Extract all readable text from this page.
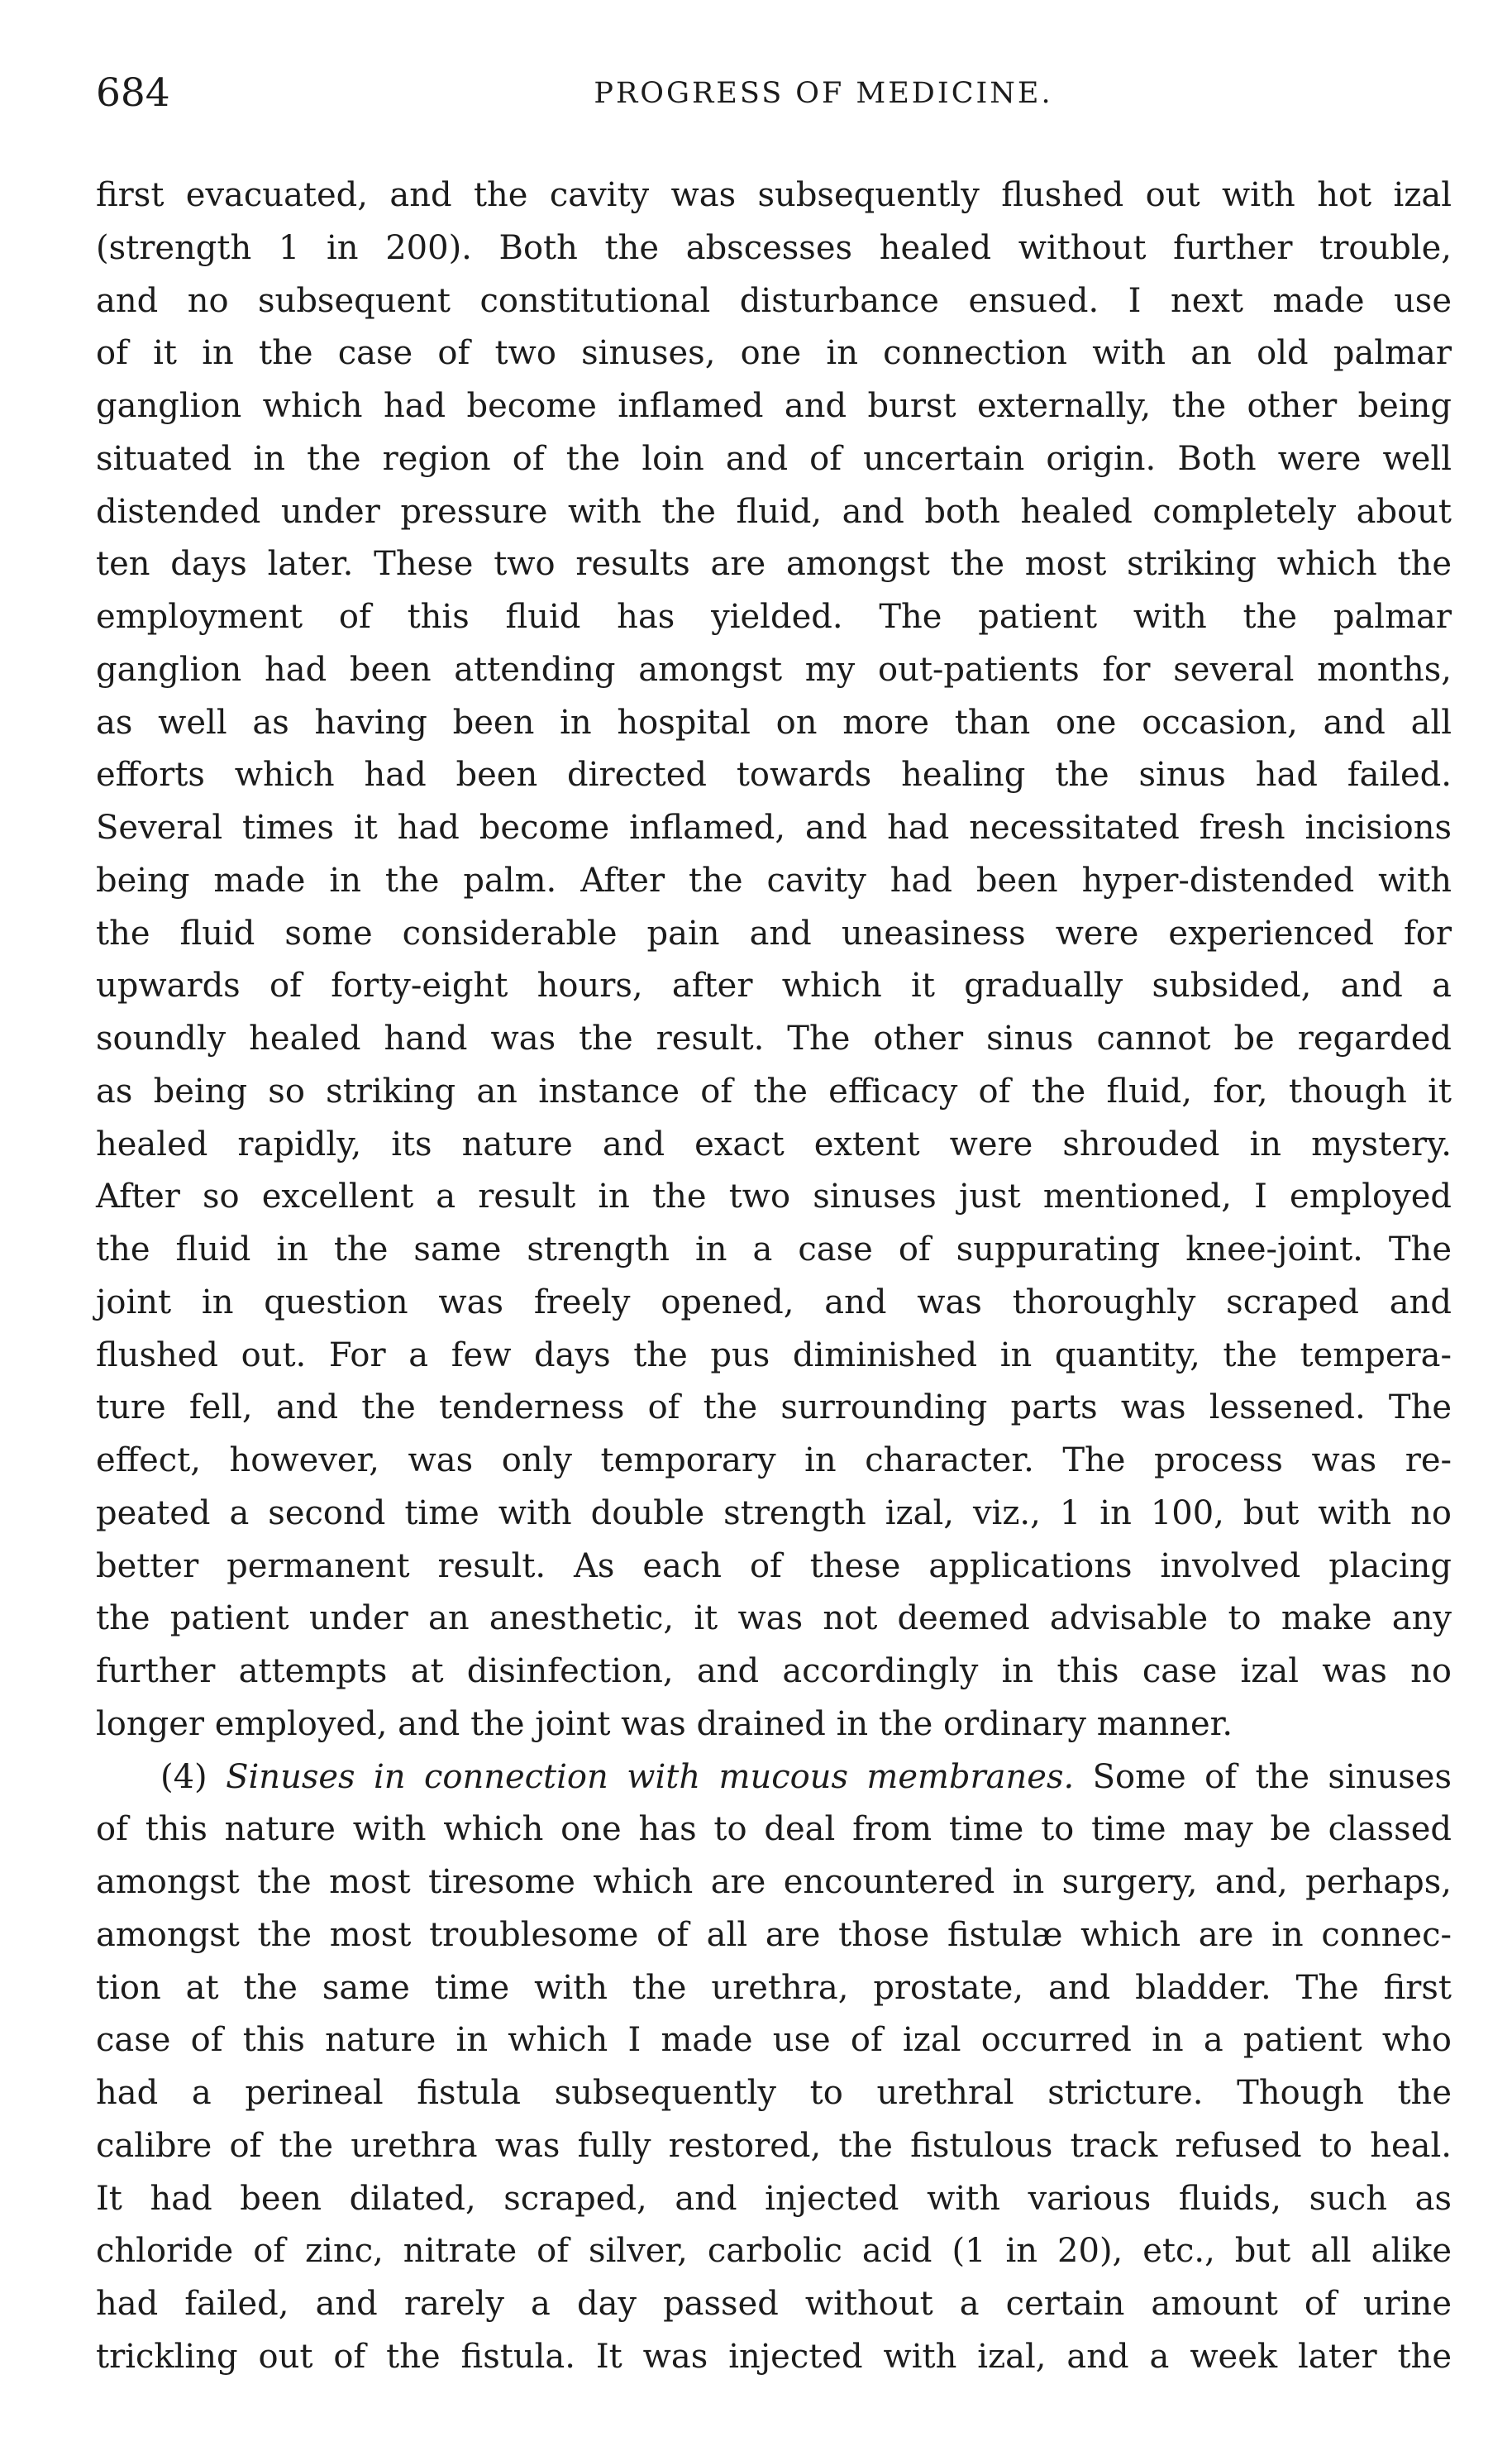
684	PROGRESS OF MEDICINE.
first evacuated, and the cavity was subsequently flushed out with hot izal
(strength 1 in 200). Both the abscesses healed without further trouble,
and no subsequent constitutional disturbance ensued. I next made use
of it in the case of two sinuses, one in connection with an old palmar
ganglion which had become inflamed and burst externally, the other being
situated in the region of the loin and of uncertain origin. Both were well
distended under pressure with the fluid, and both healed completely about
ten days later. These two results are amongst the most striking which the
employment of this fluid has yielded. The patient with the palmar
ganglion had been attending amongst my out-patients for several months,
as well as having been in hospital on more than one occasion, and all
efforts which had been directed towards healing the sinus had failed.
Several times it had become inflamed, and had necessitated fresh incisions
being made in the palm. After the cavity had been hyper-distended with
the fluid some considerable pain and uneasiness were experienced for
upwards of forty-eight hours, after which it gradually subsided, and a
soundly healed hand was the result. The other sinus cannot be regarded
as being so striking an instance of the efficacy of the fluid, for, though it
healed rapidly, its nature and exact extent were shrouded in mystery.
After so excellent a result in the two sinuses just mentioned, I employed
the fluid in the same strength in a case of suppurating knee-joint. The
joint in question was freely opened, and was thoroughly scraped and
flushed out. For a few days the pus diminished in quantity, the tempera-
ture fell, and the tenderness of the surrounding parts was lessened. The
effect, however, was only temporary in character. The process was re-
peated a second time with double strength izal, viz., 1 in 100, but with no
better permanent result. As each of these applications involved placing
the patient under an anesthetic, it was not deemed advisable to make any
further attempts at disinfection, and accordingly in this case izal was no
longer employed, and the joint was drained in the ordinary manner.
(4) Sinuses in connection with mucous membranes. Some of the sinuses
of this nature with which one has to deal from time to time may be classed
amongst the most tiresome which are encountered in surgery, and, perhaps,
amongst the most troublesome of all are those fistulæ which are in connec-
tion at the same time with the urethra, prostate, and bladder. The first
case of this nature in which I made use of izal occurred in a patient who
had a perineal fistula subsequently to urethral stricture. Though the
calibre of the urethra was fully restored, the fistulous track refused to heal.
It had been dilated, scraped, and injected with various fluids, such as
chloride of zinc, nitrate of silver, carbolic acid (1 in 20), etc., but all alike
had failed, and rarely a day passed without a certain amount of urine
trickling out of the fistula. It was injected with izal, and a week later the
